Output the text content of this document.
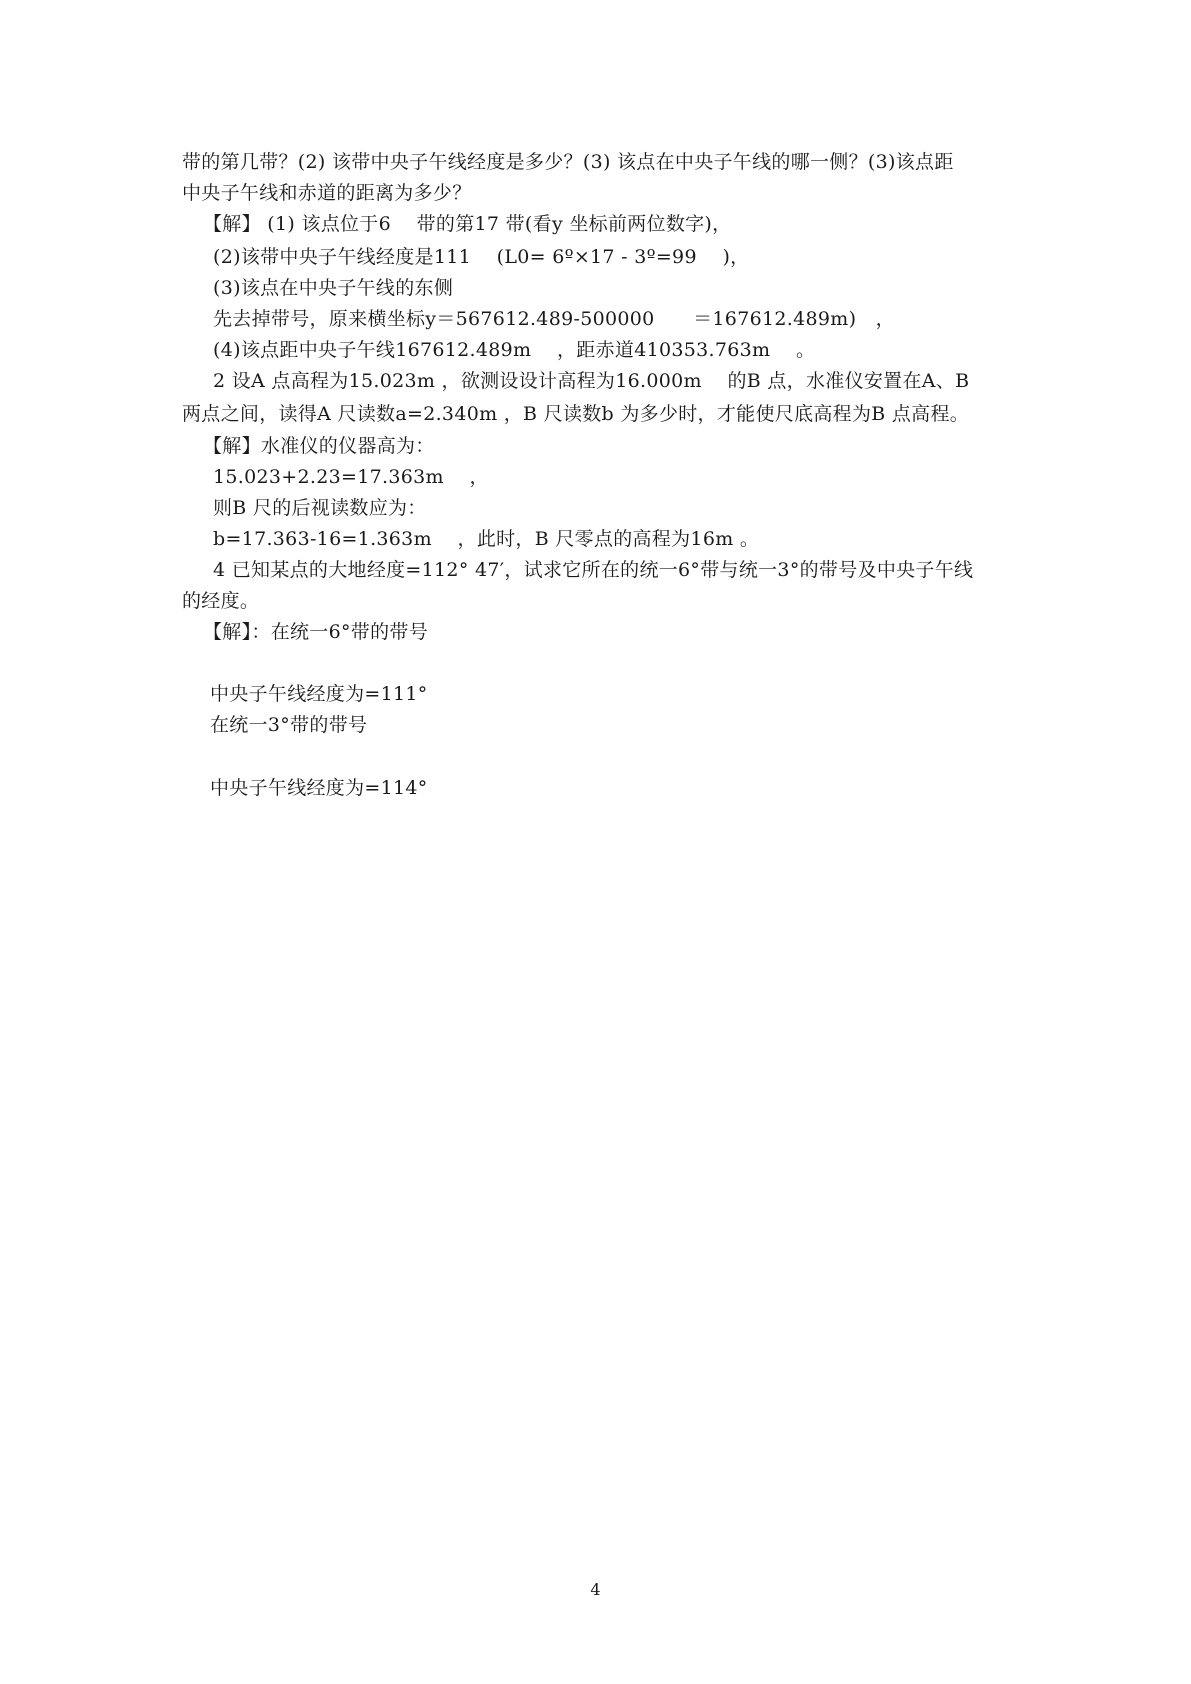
带的第几带？(2) 该带中央子午线经度是多少？(3) 该点在中央子午线的哪一侧？(3)该点距
中央子午线和赤道的距离为多少？
【解】 (1) 该点位于6　 带的第17 带(看y 坐标前两位数字)，
(2)该带中央子午线经度是111 　(L0= 6º×17 - 3º=99 　)，
(3)该点在中央子午线的东侧
先去掉带号，原来横坐标y＝567612.489-500000　　＝167612.489m)　，
(4)该点距中央子午线167612.489m 　，距赤道410353.763m 　。
2 设A 点高程为15.023m ，欲测设设计高程为16.000m　 的B 点，水准仪安置在A、B
两点之间，读得A 尺读数a=2.340m ，B 尺读数b 为多少时，才能使尺底高程为B 点高程。
【解】水准仪的仪器高为：
15.023+2.23=17.363m　 ，
则B 尺的后视读数应为：
b=17.363-16=1.363m　 ，此时，B 尺零点的高程为16m 。
4 已知某点的大地经度=112° 47′，试求它所在的统一6°带与统一3°的带号及中央子午线
的经度。
【解】：在统一6°带的带号
中央子午线经度为=111°
在统一3°带的带号
中央子午线经度为=114°
4
